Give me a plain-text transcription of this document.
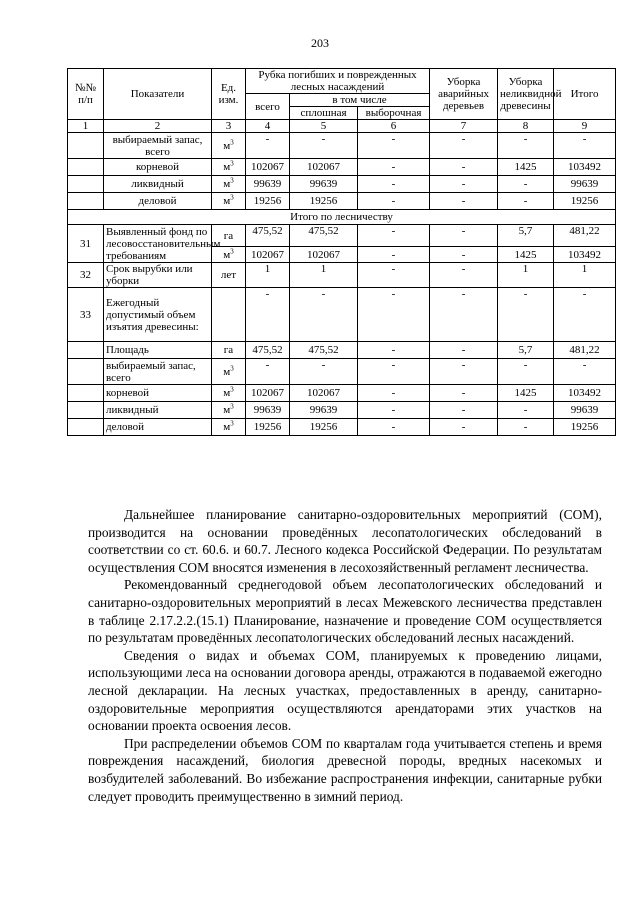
203
№№ п/п	Показатели	Ед. изм.	Рубка погибших и поврежденных лесных насаждений			Уборка аварийных деревьев	Уборка неликвидной древесины	Итого
			всего	в том числе				
				сплошная	выборочная			
1	2	3	4	5	6	7	8	9
	выбираемый запас, всего	$м^3$	-	-	-	-	-	-
	корневой	$м^3$	102067	102067	-	-	1425	103492
	ликвидный	$м^3$	99639	99639	-	-	-	99639
	деловой	$м^3$	19256	19256	-	-	-	19256
Итого по лесничеству								
31	Выявленный фонд по лесовосстановительным требованиям	га	475,52	475,52	-	-	5,7	481,22
		$м^3$	102067	102067	-	-	1425	103492
32	Срок вырубки или уборки	лет	1	1	-	-	1	1
33	Ежегодный допустимый объем изъятия древесины:		-	-	-	-	-	-
	Площадь	га	475,52	475,52	-	-	5,7	481,22
	выбираемый запас, всего	$м^3$	-	-	-	-	-	-
	корневой	$м^3$	102067	102067	-	-	1425	103492
	ликвидный	$м^3$	99639	99639	-	-	-	99639
	деловой	$м^3$	19256	19256	-	-	-	19256

Дальнейшее планирование санитарно-оздоровительных мероприятий (СОМ), производится на основании проведённых лесопатологических обследований в соответствии со ст. 60.6. и 60.7. Лесного кодекса Российской Федерации. По результатам осуществления СОМ вносятся изменения в лесохозяйственный регламент лесничества.

Рекомендованный среднегодовой объем лесопатологических обследований и санитарно-оздоровительных мероприятий в лесах Межевского лесничества представлен в таблице 2.17.2.2.(15.1) Планирование, назначение и проведение СОМ осуществляется по результатам проведённых лесопатологических обследований лесных насаждений.

Сведения о видах и объемах СОМ, планируемых к проведению лицами, использующими леса на основании договора аренды, отражаются в подаваемой ежегодно лесной декларации. На лесных участках, предоставленных в аренду, санитарно-оздоровительные мероприятия осуществляются арендаторами этих участков на основании проекта освоения лесов.

При распределении объемов СОМ по кварталам года учитывается степень и время повреждения насаждений, биология древесной породы, вредных насекомых и возбудителей заболеваний. Во избежание распространения инфекции, санитарные рубки следует проводить преимущественно в зимний период.
